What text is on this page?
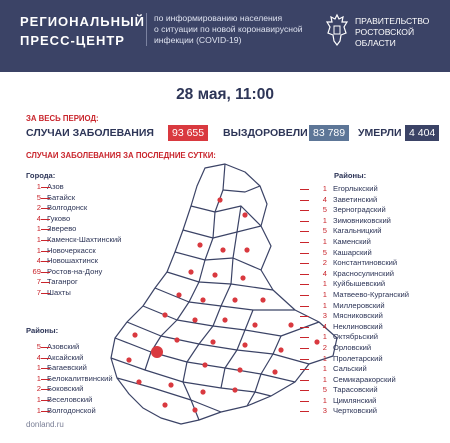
РЕГИОНАЛЬНЫЙ
ПРЕСС-ЦЕНТР
по информированию населения
о ситуации по новой коронавирусной
инфекции (COVID-19)
ПРАВИТЕЛЬСТВО
РОСТОВСКОЙ
ОБЛАСТИ
28 мая, 11:00
ЗА ВЕСЬ ПЕРИОД:
СЛУЧАИ ЗАБОЛЕВАНИЯ	93 655	ВЫЗДОРОВЕЛИ 83 789	УМЕРЛИ 4 404
СЛУЧАИ ЗАБОЛЕВАНИЯ ЗА ПОСЛЕДНИЕ СУТКИ:
Города:
1 Азов
5 Батайск
2 Волгодонск
4 Гуково
1 Зверево
1 Каменск-Шахтинский
1 Новочеркасск
4 Новошахтинск
69 Ростов-на-Дону
7 Таганрог
7 Шахты
Районы:
5 Азовский
4 Аксайский
1 Багаевский
1 Белокалитвинский
2 Боковский
1 Веселовский
1 Волгодонской
Районы:
1 Егорлыкский
4 Заветинский
5 Зерноградский
1 Зимовниковский
5 Кагальницкий
1 Каменский
5 Кашарский
2 Константиновский
4 Красносулинский
1 Куйбышевский
1 Матвеево-Курганский
1 Миллеровский
3 Мясниковский
4 Неклиновский
1 Октябрьский
2 Орловский
1 Пролетарский
1 Сальский
1 Семикаракорский
5 Тарасовский
1 Цимлянский
3 Чертковский
donland.ru
